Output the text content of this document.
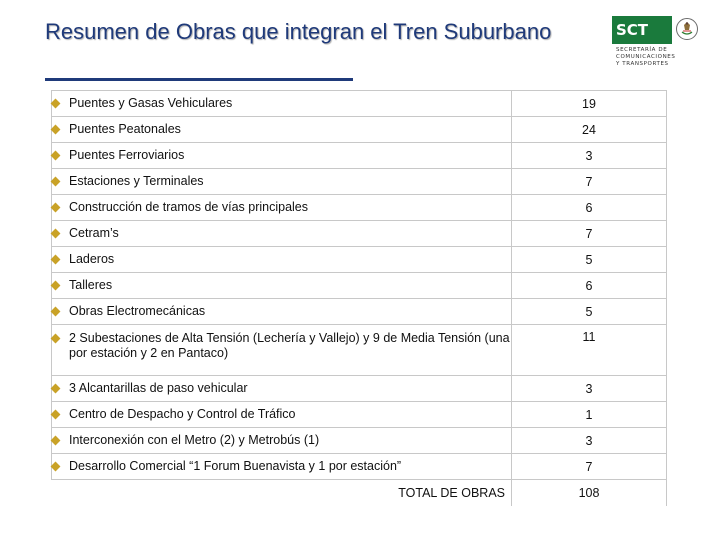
Resumen de Obras que integran el Tren Suburbano	SCT
SECRETARÍA DE
COMUNICACIONES
Y TRANSPORTES
Puentes y Gasas Vehiculares	19

Puentes Peatonales	24

Puentes Ferroviarios	3

Estaciones y Terminales	7

Construcción de tramos de vías principales	6

Cetram’s	7

Laderos	5

Talleres	6

Obras Electromecánicas	5

2 Subestaciones de Alta Tensión (Lechería y Vallejo) y 9 de Media Tensión (una por estación y 2 en Pantaco)	11

3 Alcantarillas de paso vehicular	3

Centro de Despacho y Control de Tráfico	1

Interconexión con el Metro (2) y Metrobús (1)	3

Desarrollo Comercial “1 Forum Buenavista y 1 por estación”	7
TOTAL DE OBRAS	108
